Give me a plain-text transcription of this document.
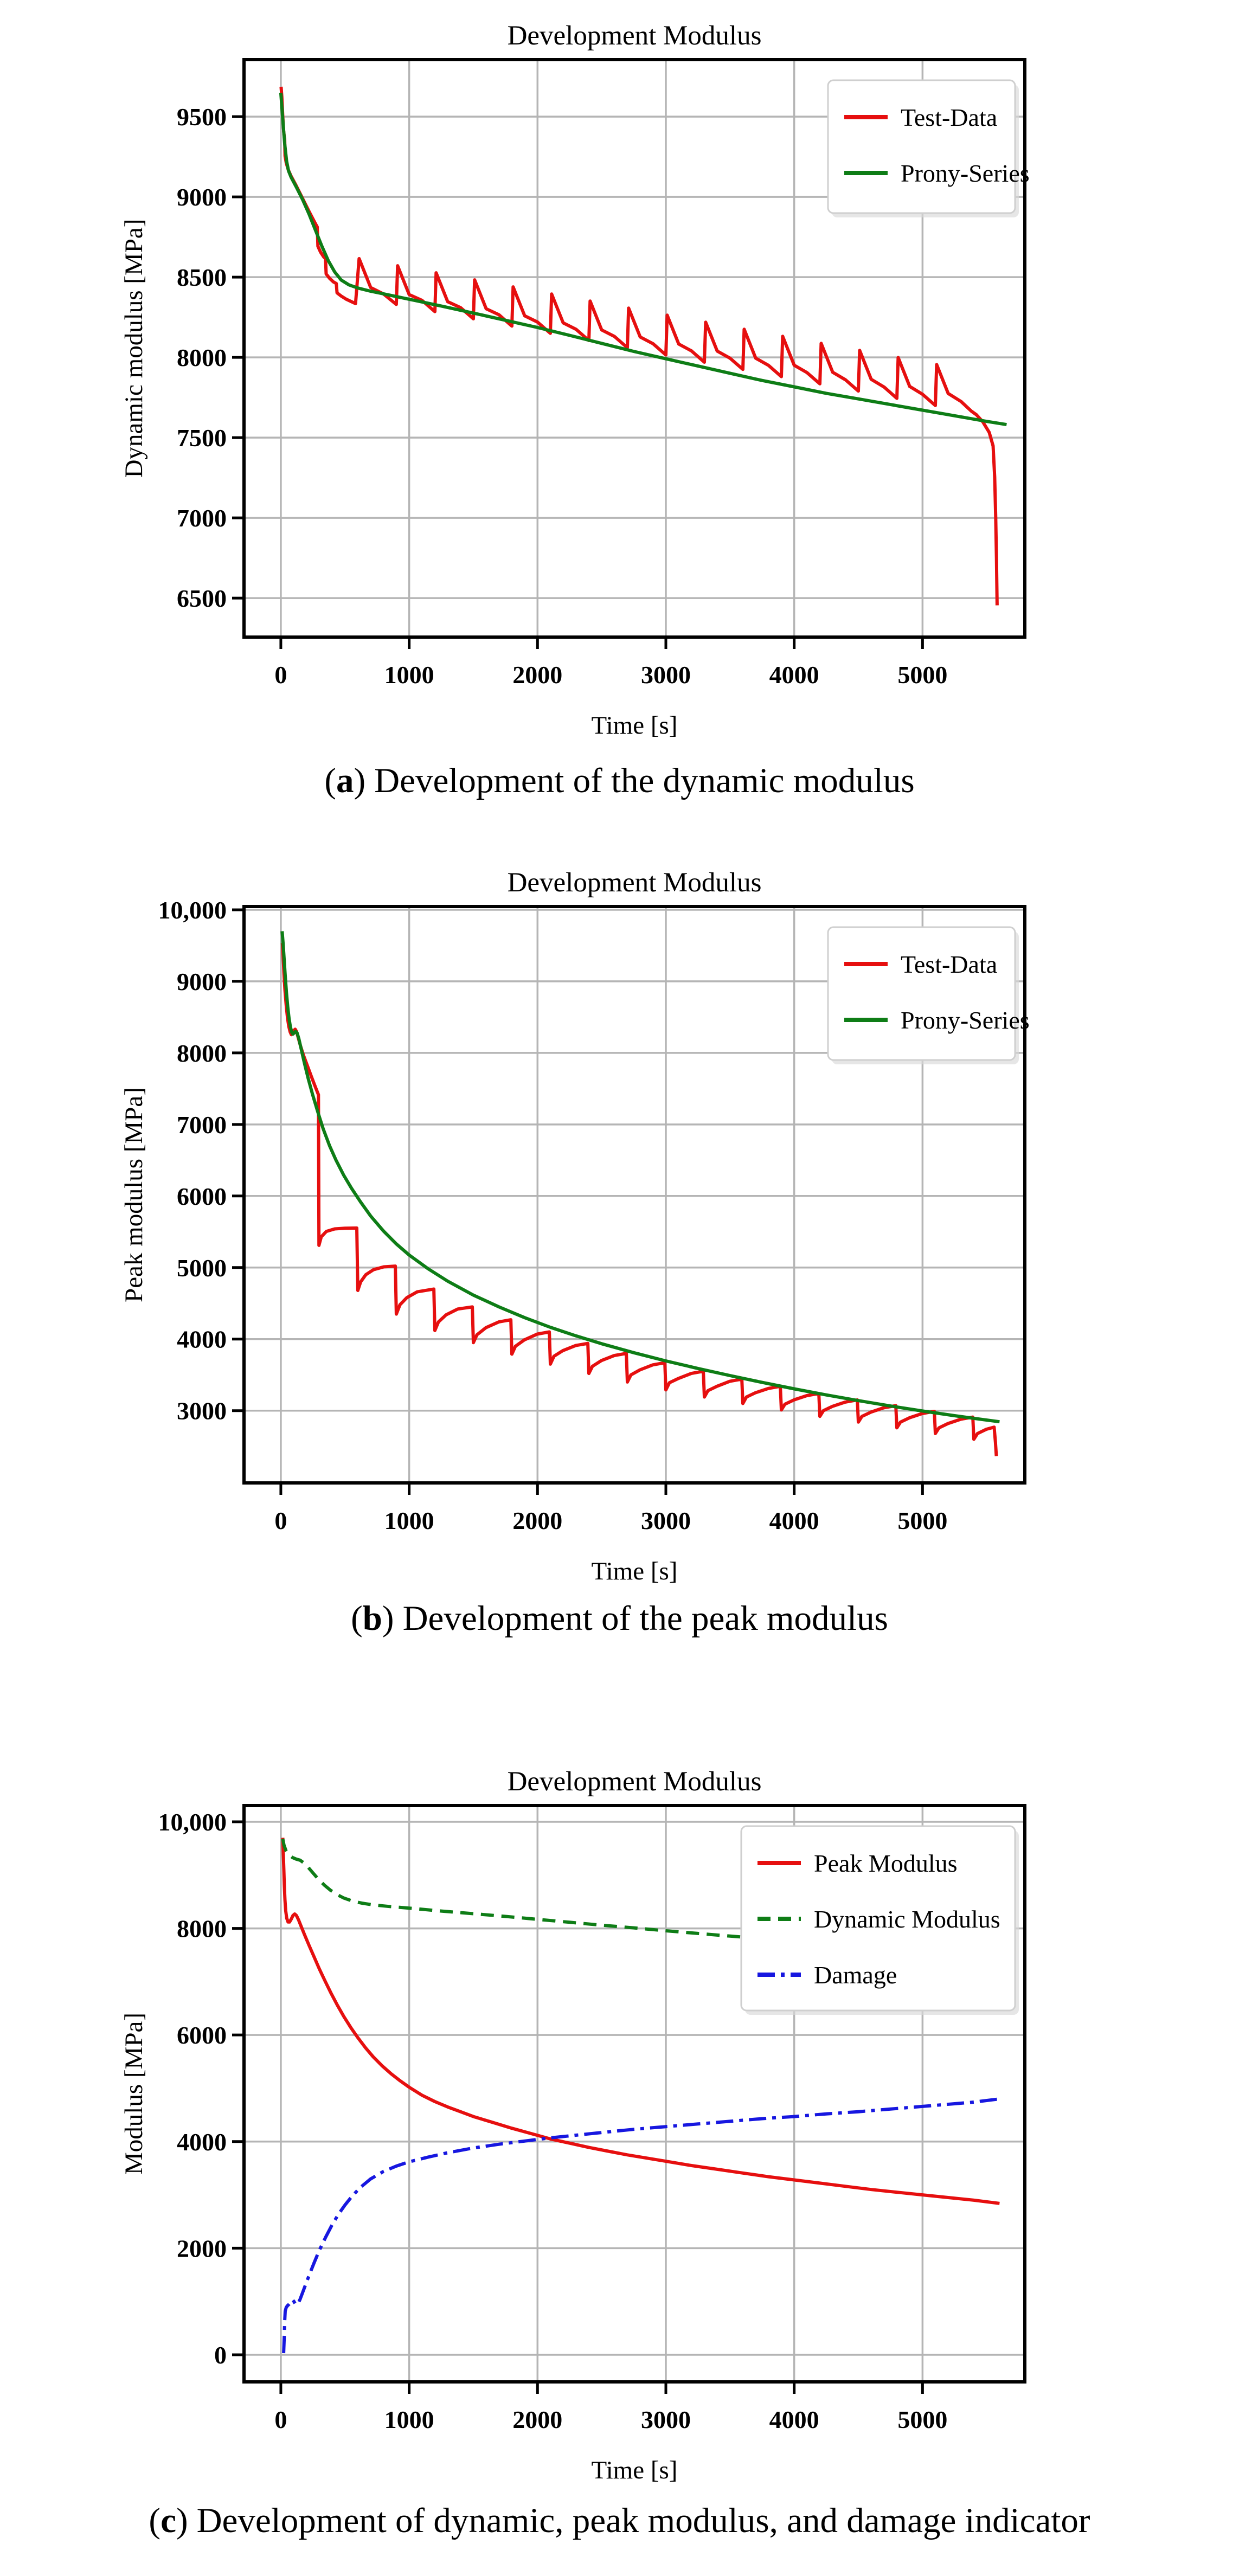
0	1000	2000	3000	4000	5000
9500
9000
8500
8000
7500
7000
6500
Development Modulus
Time [s]
Dynamic modulus [MPa]
Test-Data
Prony-Series
(a) Development of the dynamic modulus
0	1000	2000	3000	4000	5000
10,000
9000
8000
7000
6000
5000
4000
3000
Development Modulus
Time [s]
Peak modulus [MPa]
Test-Data
Prony-Series
(b) Development of the peak modulus
0	1000	2000	3000	4000	5000
10,000
8000
6000
4000
2000
0
Development Modulus
Time [s]
Modulus [MPa]
Peak Modulus
Dynamic Modulus
Damage
(c) Development of dynamic, peak modulus, and damage indicator
